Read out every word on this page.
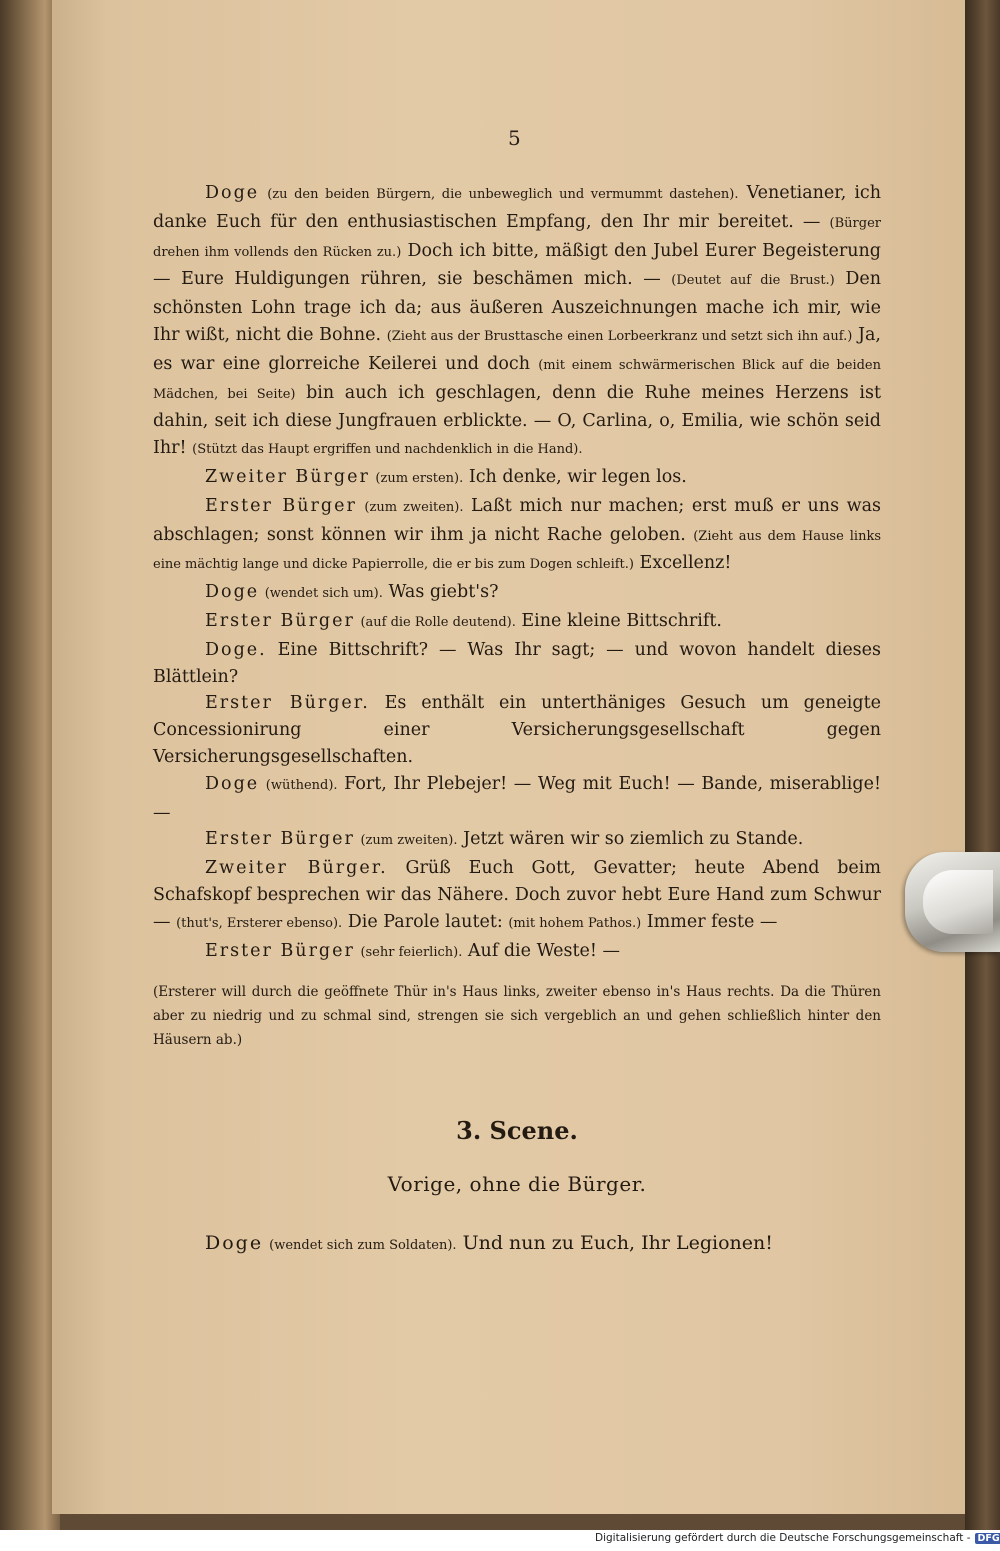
5

Doge (zu den beiden Bürgern, die unbeweglich und vermummt dastehen). Venetianer, ich danke Euch für den enthusiastischen Empfang, den Ihr mir bereitet. — (Bürger drehen ihm vollends den Rücken zu.) Doch ich bitte, mäßigt den Jubel Eurer Begeisterung — Eure Huldigungen rühren, sie beschämen mich. — (Deutet auf die Brust.) Den schönsten Lohn trage ich da; aus äußeren Auszeichnungen mache ich mir, wie Ihr wißt, nicht die Bohne. (Zieht aus der Brusttasche einen Lorbeerkranz und setzt sich ihn auf.) Ja, es war eine glorreiche Keilerei und doch (mit einem schwärmerischen Blick auf die beiden Mädchen, bei Seite) bin auch ich geschlagen, denn die Ruhe meines Herzens ist dahin, seit ich diese Jungfrauen erblickte. — O, Carlina, o, Emilia, wie schön seid Ihr! (Stützt das Haupt ergriffen und nachdenklich in die Hand).

Zweiter Bürger (zum ersten). Ich denke, wir legen los.

Erster Bürger (zum zweiten). Laßt mich nur machen; erst muß er uns was abschlagen; sonst können wir ihm ja nicht Rache geloben. (Zieht aus dem Hause links eine mächtig lange und dicke Papierrolle, die er bis zum Dogen schleift.) Excellenz!

Doge (wendet sich um). Was giebt's?

Erster Bürger (auf die Rolle deutend). Eine kleine Bittschrift.

Doge. Eine Bittschrift? — Was Ihr sagt; — und wovon handelt dieses Blättlein?

Erster Bürger. Es enthält ein unterthäniges Gesuch um geneigte Concessionirung einer Versicherungsgesellschaft gegen Versicherungsgesellschaften.

Doge (wüthend). Fort, Ihr Plebejer! — Weg mit Euch! — Bande, miserablige! —

Erster Bürger (zum zweiten). Jetzt wären wir so ziemlich zu Stande.

Zweiter Bürger. Grüß Euch Gott, Gevatter; heute Abend beim Schafskopf besprechen wir das Nähere. Doch zuvor hebt Eure Hand zum Schwur — (thut's, Ersterer ebenso). Die Parole lautet: (mit hohem Pathos.) Immer feste —

Erster Bürger (sehr feierlich). Auf die Weste! —

(Ersterer will durch die geöffnete Thür in's Haus links, zweiter ebenso in's Haus rechts. Da die Thüren aber zu niedrig und zu schmal sind, strengen sie sich vergeblich an und gehen schließlich hinter den Häusern ab.)

3. Scene.

Vorige, ohne die Bürger.

Doge (wendet sich zum Soldaten). Und nun zu Euch, Ihr Legionen!

Digitalisierung gefördert durch die Deutsche Forschungsgemeinschaft - DFG
